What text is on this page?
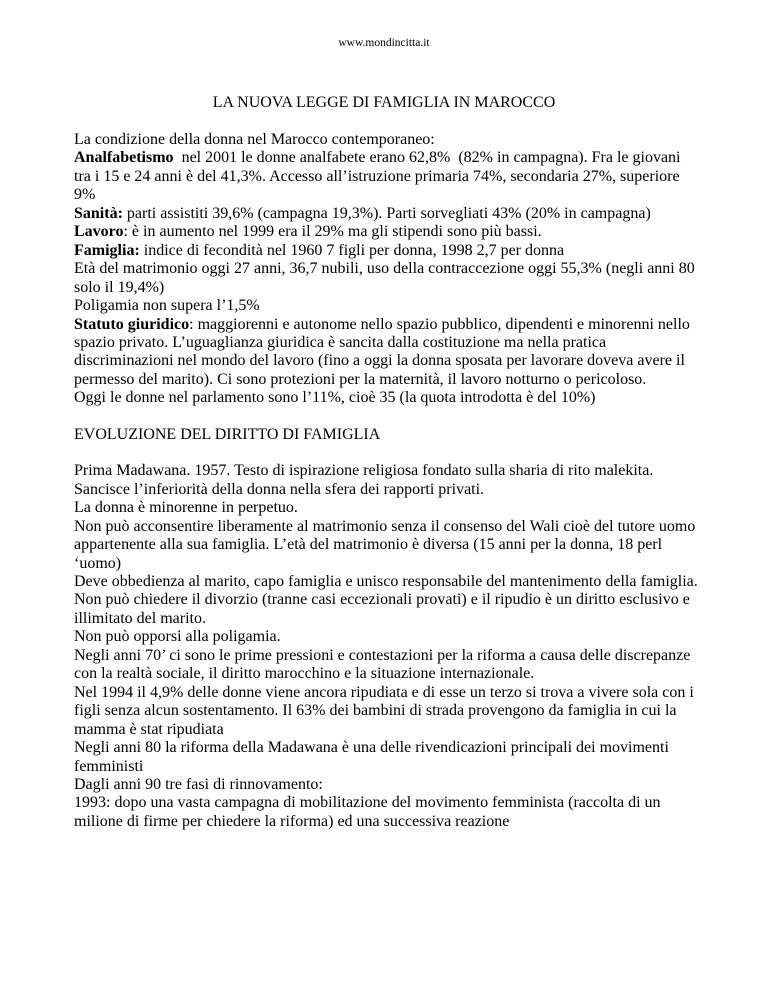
www.mondincitta.it
LA NUOVA LEGGE DI FAMIGLIA IN MAROCCO

La condizione della donna nel Marocco contemporaneo:

Analfabetismo  nel 2001 le donne analfabete erano 62,8%  (82% in campagna). Fra le giovani  tra i 15 e 24 anni è del 41,3%. Accesso all’istruzione primaria 74%, secondaria 27%, superiore 9%

Sanità: parti assistiti 39,6% (campagna 19,3%). Parti sorvegliati 43% (20% in campagna)

Lavoro: è in aumento nel 1999 era il 29% ma gli stipendi sono più bassi.

Famiglia: indice di fecondità nel 1960 7 figli per donna, 1998 2,7 per donna

Età del matrimonio oggi 27 anni, 36,7 nubili, uso della contraccezione oggi 55,3% (negli anni 80 solo il 19,4%)

Poligamia non supera l’1,5%

Statuto giuridico: maggiorenni e autonome nello spazio pubblico, dipendenti e minorenni nello spazio privato. L’uguaglianza giuridica è sancita dalla costituzione ma nella pratica discriminazioni nel mondo del lavoro (fino a oggi la donna sposata per lavorare doveva avere il permesso del marito). Ci sono protezioni per la maternità, il lavoro notturno o pericoloso.

Oggi le donne nel parlamento sono l’11%, cioè 35 (la quota introdotta è del 10%)

EVOLUZIONE DEL DIRITTO DI FAMIGLIA

Prima Madawana. 1957. Testo di ispirazione religiosa fondato sulla sharia di rito malekita.

Sancisce l’inferiorità della donna nella sfera dei rapporti privati.

La donna è minorenne in perpetuo.

Non può acconsentire liberamente al matrimonio senza il consenso del Wali cioè del tutore uomo appartenente alla sua famiglia. L’età del matrimonio è diversa (15 anni per la donna, 18 perl ‘uomo)

Deve obbedienza al marito, capo famiglia e unisco responsabile del mantenimento della famiglia.

Non può chiedere il divorzio (tranne casi eccezionali provati) e il ripudio è un diritto esclusivo e illimitato del marito.

Non può opporsi alla poligamia.

Negli anni 70’ ci sono le prime pressioni e contestazioni per la riforma a causa delle discrepanze con la realtà sociale, il diritto marocchino e la situazione internazionale.

Nel 1994 il 4,9% delle donne viene ancora ripudiata e di esse un terzo si trova a vivere sola con i figli senza alcun sostentamento. Il 63% dei bambini di strada provengono da famiglia in cui la mamma è stat ripudiata

Negli anni 80 la riforma della Madawana è una delle rivendicazioni principali dei movimenti femministi

Dagli anni 90 tre fasi di rinnovamento:

1993: dopo una vasta campagna di mobilitazione del movimento femminista (raccolta di un milione di firme per chiedere la riforma) ed una successiva reazione
